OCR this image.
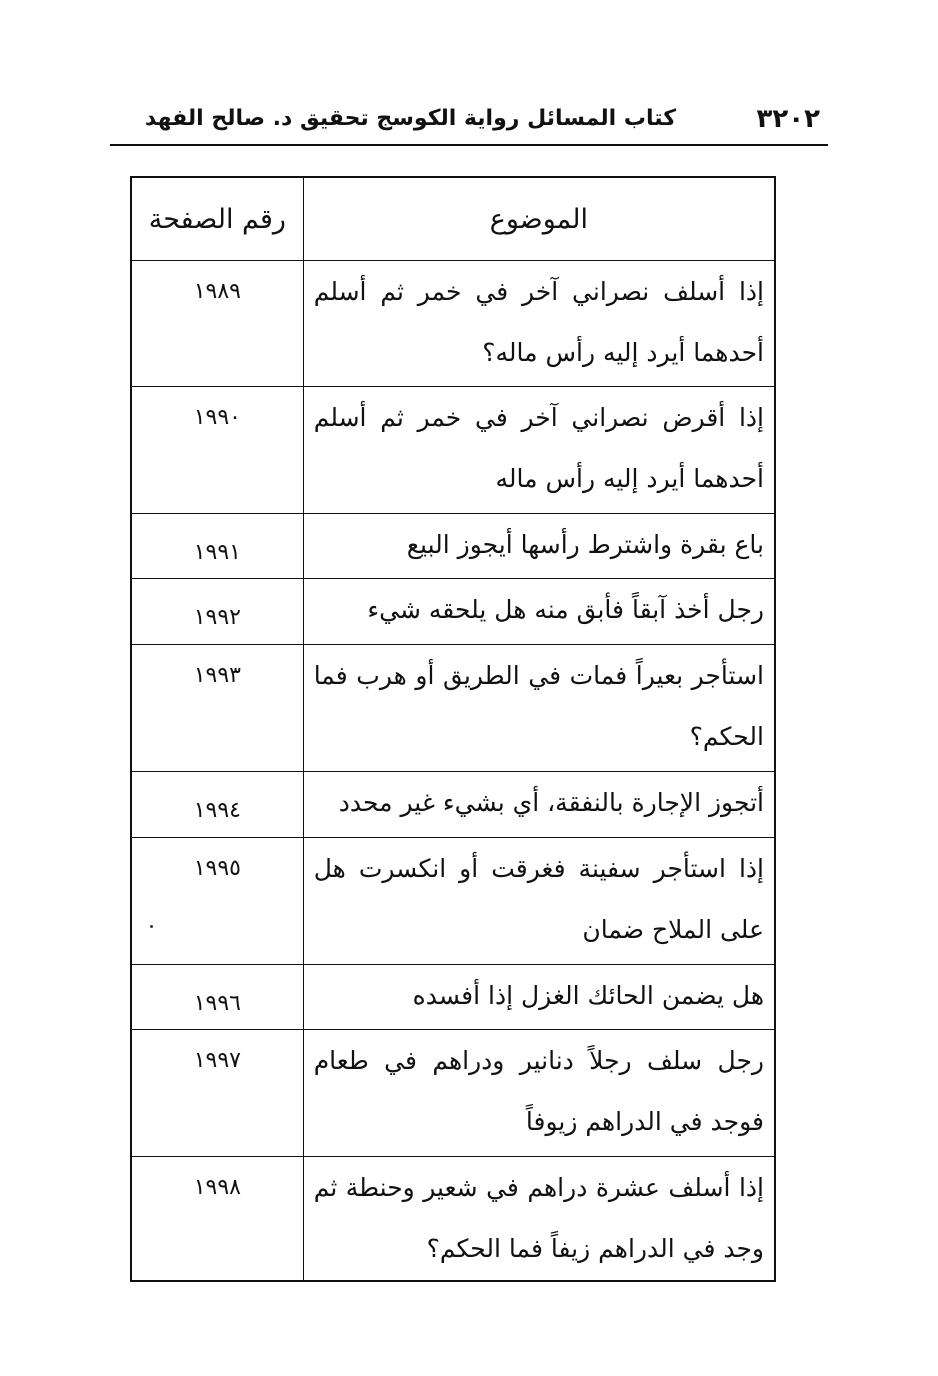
٣٢٠٢
كتاب المسائل رواية الكوسج تحقيق د. صالح الفهد
الموضوع	رقم الصفحة
إذا أسلف نصراني آخر في خمر ثم أسلم أحدهما أيرد إليه رأس ماله؟	١٩٨٩
إذا أقرض نصراني آخر في خمر ثم أسلم أحدهما أيرد إليه رأس ماله	١٩٩٠
باع بقرة واشترط رأسها أيجوز البيع	١٩٩١
رجل أخذ آبقاً فأبق منه هل يلحقه شيء	١٩٩٢
استأجر بعيراً فمات في الطريق أو هرب فما الحكم؟	١٩٩٣
أتجوز الإجارة بالنفقة، أي بشيء غير محدد	١٩٩٤
إذا استأجر سفينة فغرقت أو انكسرت هل على الملاح ضمان	١٩٩٥
هل يضمن الحائك الغزل إذا أفسده	١٩٩٦
رجل سلف رجلاً دنانير ودراهم في طعام فوجد في الدراهم زيوفاً	١٩٩٧
إذا أسلف عشرة دراهم في شعير وحنطة ثم وجد في الدراهم زيفاً فما الحكم؟	١٩٩٨
